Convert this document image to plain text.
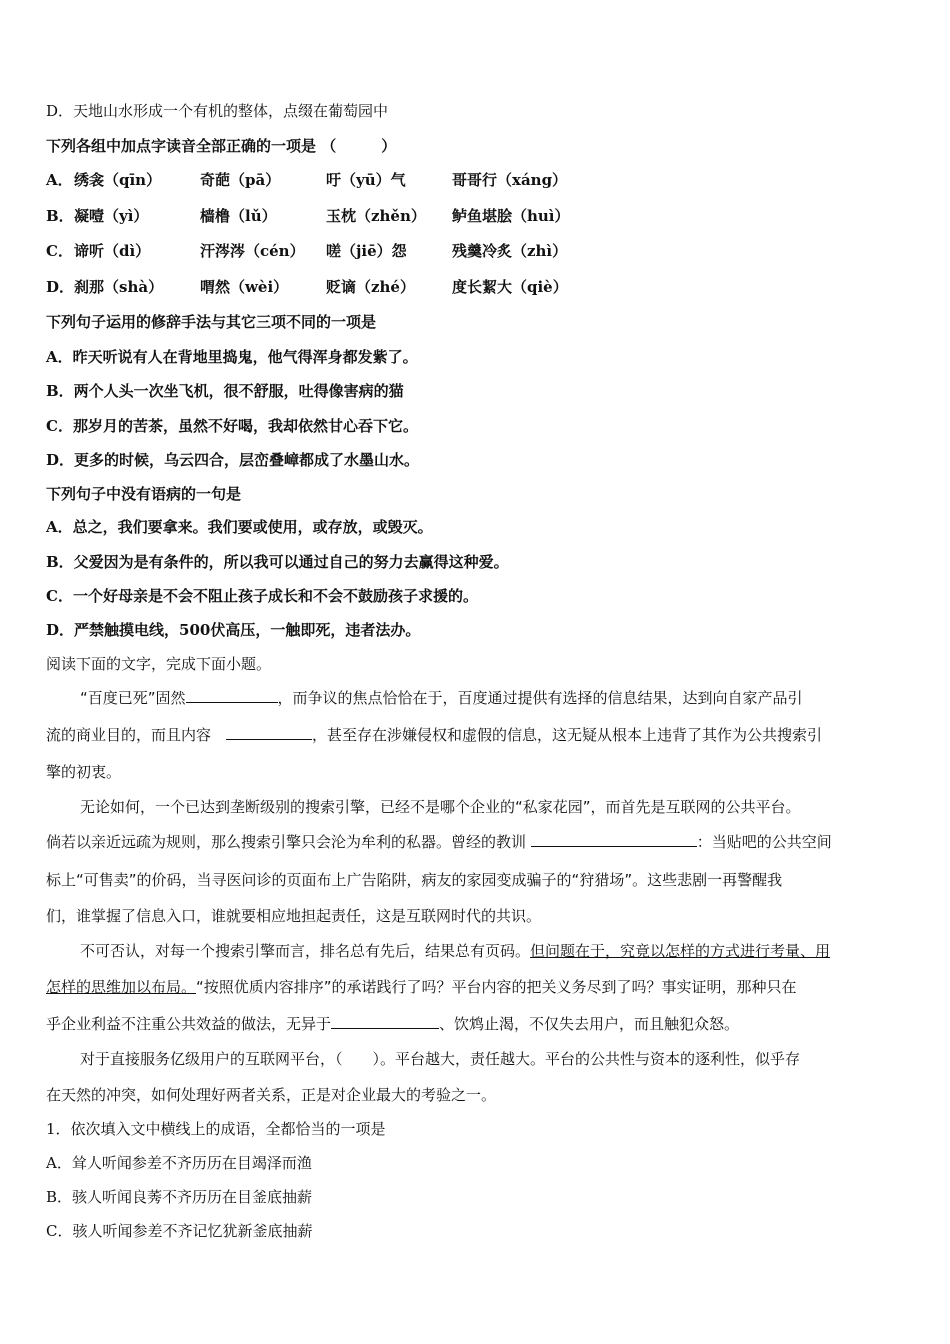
D．天地山水形成一个有机的整体，点缀在葡萄园中
下列各组中加点字读音全部正确的一项是 （　　　）
A． 绣衾（qīn）	奇葩（pā）	吁（yū）气	哥哥行（xáng）
B． 凝噎（yì）	樯橹（lǔ）	玉枕（zhěn） 鲈鱼堪脍（huì）
C． 谛听（dì）	汗涔涔（cén） 嗟（jiē）怨	残羹冷炙（zhì）
D． 刹那（shà） 喟然（wèi）	贬谪（zhé） 度长絜大（qiè）
下列句子运用的修辞手法与其它三项不同的一项是
A．昨天听说有人在背地里捣鬼，他气得浑身都发紫了。
B．两个人头一次坐飞机，很不舒服，吐得像害病的猫
C．那岁月的苦茶，虽然不好喝，我却依然甘心吞下它。
D．更多的时候，乌云四合，层峦叠嶂都成了水墨山水。
下列句子中没有语病的一句是
A．总之，我们要拿来。我们要或使用，或存放，或毁灭。
B．父爱因为是有条件的，所以我可以通过自己的努力去赢得这种爱。
C．一个好母亲是不会不阻止孩子成长和不会不鼓励孩子求援的。
D．严禁触摸电线，500伏高压，一触即死，违者法办。
阅读下面的文字，完成下面小题。
“百度已死”固然	，而争议的焦点恰恰在于，百度通过提供有选择的信息结果，达到向自家产品引
流的商业目的，而且内容　	，甚至存在涉嫌侵权和虚假的信息，这无疑从根本上违背了其作为公共搜索引
擎的初衷。
无论如何，一个已达到垄断级别的搜索引擎，已经不是哪个企业的“私家花园”，而首先是互联网的公共平台。
倘若以亲近远疏为规则，那么搜索引擎只会沦为牟利的私器。曾经的教训	：当贴吧的公共空间
标上“可售卖”的价码，当寻医问诊的页面布上广告陷阱，病友的家园变成骗子的“狩猎场”。这些悲剧一再警醒我
们，谁掌握了信息入口，谁就要相应地担起责任，这是互联网时代的共识。
不可否认，对每一个搜索引擎而言，排名总有先后，结果总有页码。但问题在于，究竟以怎样的方式进行考量、用
怎样的思维加以布局。“按照优质内容排序”的承诺践行了吗？平台内容的把关义务尽到了吗？事实证明，那种只在
乎企业利益不注重公共效益的做法，无异于	、饮鸩止渴，不仅失去用户，而且触犯众怒。
对于直接服务亿级用户的互联网平台，（　　）。平台越大，责任越大。平台的公共性与资本的逐利性，似乎存
在天然的冲突，如何处理好两者关系，正是对企业最大的考验之一。
1．依次填入文中横线上的成语，全都恰当的一项是
A．耸人听闻参差不齐历历在目竭泽而渔
B．骇人听闻良莠不齐历历在目釜底抽薪
C．骇人听闻参差不齐记忆犹新釜底抽薪
